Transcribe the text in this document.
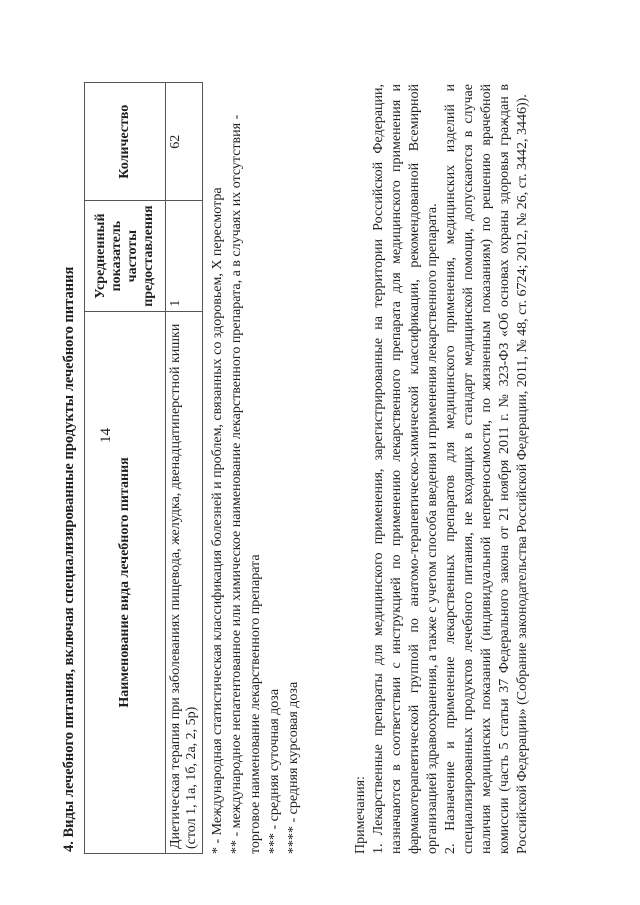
14
4. Виды лечебного питания, включая специализированные продукты лечебного питания	Наименование вида лечебного питания	Усредненный показатель частоты предоставления	Количество
Диетическая терапия при заболеваниях пищевода, желудка, двенадцатиперстной кишки (стол 1, 1а, 1б, 2а, 2, 5р)	1	62

* - Международная статистическая классификация болезней и проблем, связанных со здоровьем, X пересмотра ** - международное непатентованное или химическое наименование лекарственного препарата, а в случаях их отсутствия - торговое наименование лекарственного препарата *** - средняя суточная доза **** - средняя курсовая доза	Примечания: 1. Лекарственные препараты для медицинского применения, зарегистрированные на территории Российской Федерации, назначаются в соответствии с инструкцией по применению лекарственного препарата для медицинского применения и фармакотерапевтической группой по анатомо-терапевтическо-химической классификации, рекомендованной Всемирной организацией здравоохранения, а также с учетом способа введения и применения лекарственного препарата. 2. Назначение и применение лекарственных препаратов для медицинского применения, медицинских изделий и специализированных продуктов лечебного питания, не входящих в стандарт медицинской помощи, допускаются в случае наличия медицинских показаний (индивидуальной непереносимости, по жизненным показаниям) по решению врачебной комиссии (часть 5 статьи 37 Федерального закона от 21 ноября 2011 г. № 323-ФЗ «Об основах охраны здоровья граждан в Российской Федерации» (Собрание законодательства Российской Федерации, 2011, № 48, ст. 6724; 2012, № 26, ст. 3442, 3446)).
